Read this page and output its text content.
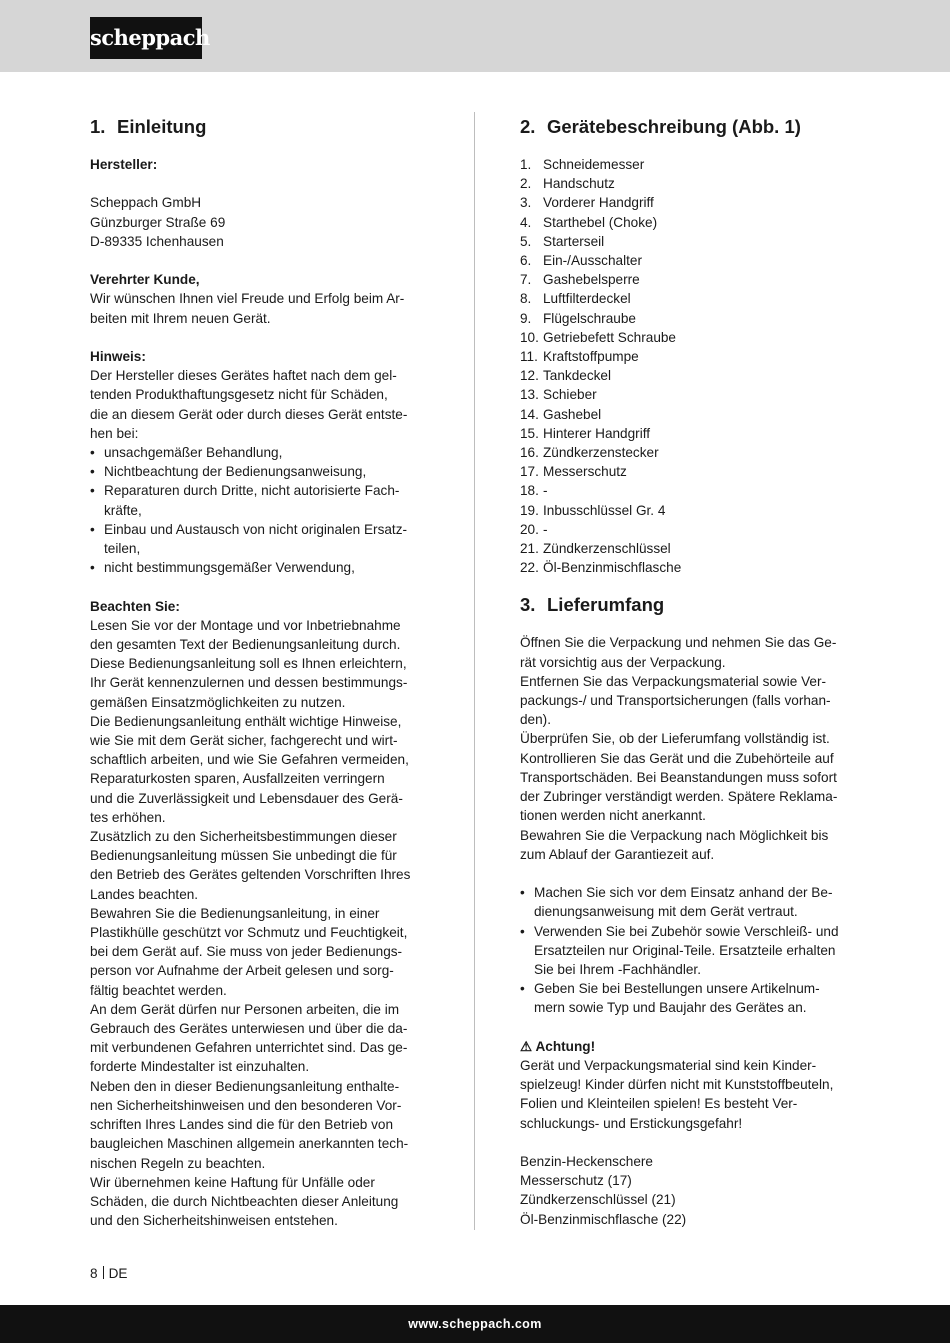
scheppach
1. Einleitung
Hersteller:
Scheppach GmbH
Günzburger Straße 69
D-89335 Ichenhausen
Verehrter Kunde,
Wir wünschen Ihnen viel Freude und Erfolg beim Ar-
beiten mit Ihrem neuen Gerät.
Hinweis:
Der Hersteller dieses Gerätes haftet nach dem gel-
tenden Produkthaftungsgesetz nicht für Schäden,
die an diesem Gerät oder durch dieses Gerät entste-
hen bei:
• unsachgemäßer Behandlung,
• Nichtbeachtung der Bedienungsanweisung,
• Reparaturen durch Dritte, nicht autorisierte Fach-
kräfte,
• Einbau und Austausch von nicht originalen Ersatz-
teilen,
• nicht bestimmungsgemäßer Verwendung,
Beachten Sie:
Lesen Sie vor der Montage und vor Inbetriebnahme
den gesamten Text der Bedienungsanleitung durch.
Diese Bedienungsanleitung soll es Ihnen erleichtern,
Ihr Gerät kennenzulernen und dessen bestimmungs-
gemäßen Einsatzmöglichkeiten zu nutzen.
Die Bedienungsanleitung enthält wichtige Hinweise,
wie Sie mit dem Gerät sicher, fachgerecht und wirt-
schaftlich arbeiten, und wie Sie Gefahren vermeiden,
Reparaturkosten sparen, Ausfallzeiten verringern
und die Zuverlässigkeit und Lebensdauer des Gerä-
tes erhöhen.
Zusätzlich zu den Sicherheitsbestimmungen dieser
Bedienungsanleitung müssen Sie unbedingt die für
den Betrieb des Gerätes geltenden Vorschriften Ihres
Landes beachten.
Bewahren Sie die Bedienungsanleitung, in einer
Plastikhülle geschützt vor Schmutz und Feuchtigkeit,
bei dem Gerät auf. Sie muss von jeder Bedienungs-
person vor Aufnahme der Arbeit gelesen und sorg-
fältig beachtet werden.
An dem Gerät dürfen nur Personen arbeiten, die im
Gebrauch des Gerätes unterwiesen und über die da-
mit verbundenen Gefahren unterrichtet sind. Das ge-
forderte Mindestalter ist einzuhalten.
Neben den in dieser Bedienungsanleitung enthalte-
nen Sicherheitshinweisen und den besonderen Vor-
schriften Ihres Landes sind die für den Betrieb von
baugleichen Maschinen allgemein anerkannten tech-
nischen Regeln zu beachten.
Wir übernehmen keine Haftung für Unfälle oder
Schäden, die durch Nichtbeachten dieser Anleitung
und den Sicherheitshinweisen entstehen.
2. Gerätebeschreibung (Abb. 1)
1. Schneidemesser
2. Handschutz
3. Vorderer Handgriff
4. Starthebel (Choke)
5. Starterseil
6. Ein-/Ausschalter
7. Gashebelsperre
8. Luftfilterdeckel
9. Flügelschraube
10. Getriebefett Schraube
11. Kraftstoffpumpe
12. Tankdeckel
13. Schieber
14. Gashebel
15. Hinterer Handgriff
16. Zündkerzenstecker
17. Messerschutz
18. -
19. Inbusschlüssel Gr. 4
20. -
21. Zündkerzenschlüssel
22. Öl-Benzinmischflasche
3. Lieferumfang
Öffnen Sie die Verpackung und nehmen Sie das Ge-
rät vorsichtig aus der Verpackung.
Entfernen Sie das Verpackungsmaterial sowie Ver-
packungs-/ und Transportsicherungen (falls vorhan-
den).
Überprüfen Sie, ob der Lieferumfang vollständig ist.
Kontrollieren Sie das Gerät und die Zubehörteile auf
Transportschäden. Bei Beanstandungen muss sofort
der Zubringer verständigt werden. Spätere Reklama-
tionen werden nicht anerkannt.
Bewahren Sie die Verpackung nach Möglichkeit bis
zum Ablauf der Garantiezeit auf.
• Machen Sie sich vor dem Einsatz anhand der Be-
dienungsanweisung mit dem Gerät vertraut.
• Verwenden Sie bei Zubehör sowie Verschleiß- und
Ersatzteilen nur Original-Teile. Ersatzteile erhalten
Sie bei Ihrem -Fachhändler.
• Geben Sie bei Bestellungen unsere Artikelnum-
mern sowie Typ und Baujahr des Gerätes an.
⚠ Achtung!
Gerät und Verpackungsmaterial sind kein Kinder-
spielzeug! Kinder dürfen nicht mit Kunststoffbeuteln,
Folien und Kleinteilen spielen! Es besteht Ver-
schluckungs- und Erstickungsgefahr!
Benzin-Heckenschere
Messerschutz (17)
Zündkerzenschlüssel (21)
Öl-Benzinmischflasche (22)
8 DE
www.scheppach.com
